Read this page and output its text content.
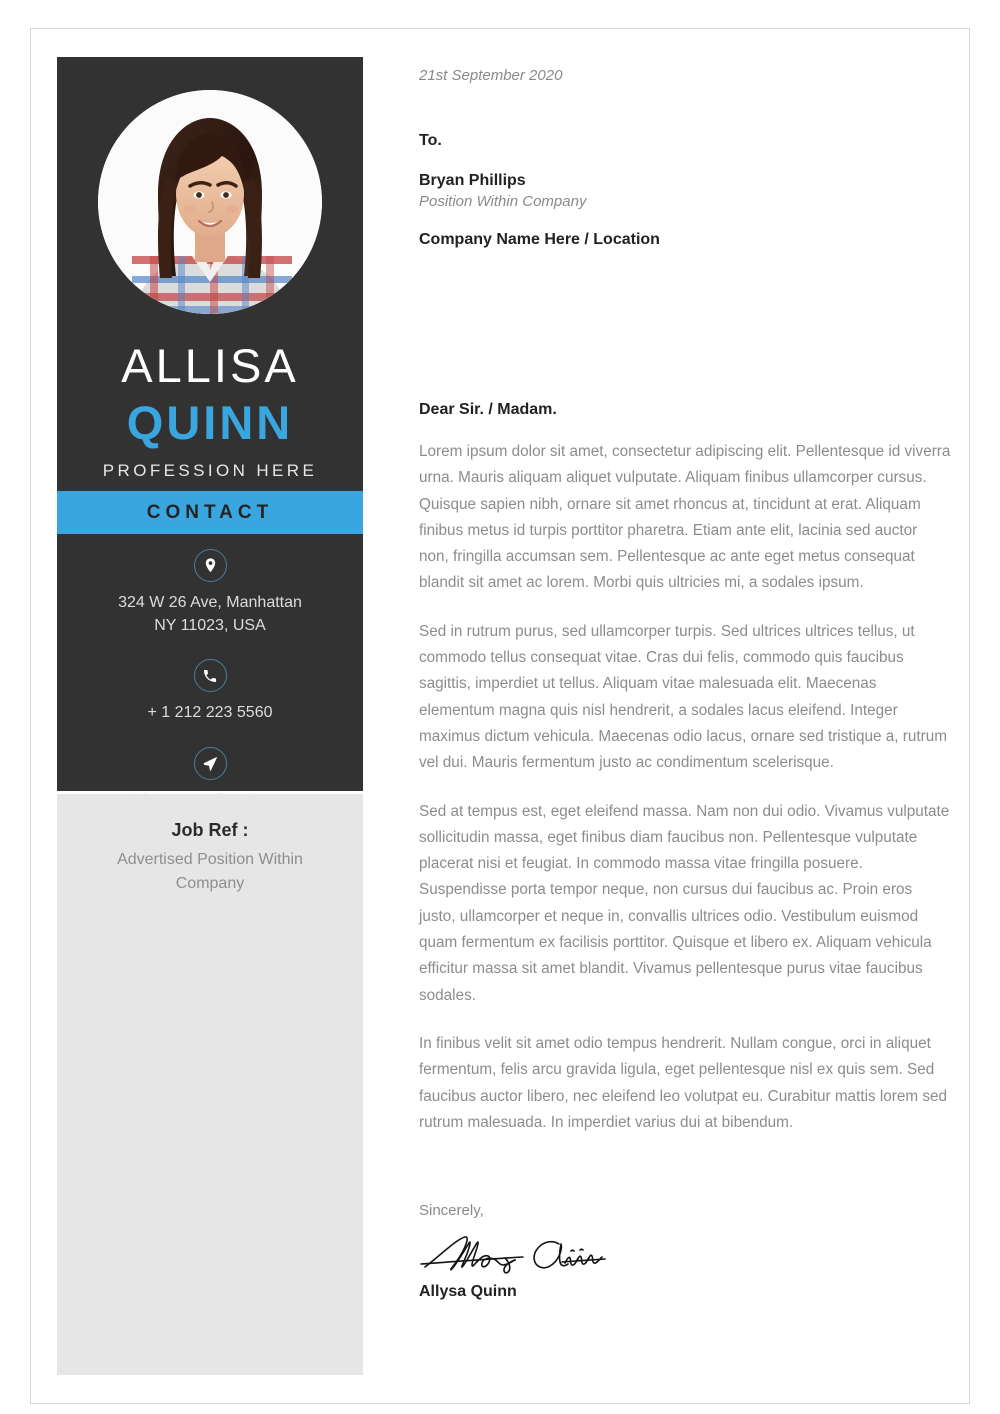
ALLISA
QUINN
PROFESSION HERE
CONTACT
324 W 26 Ave, Manhattan
NY 11023, USA
+ 1 212 223 5560
Job Ref :
Advertised Position Within Company
21st September 2020
To.
Bryan Phillips
Position Within Company
Company Name Here / Location
Dear Sir. / Madam.

Lorem ipsum dolor sit amet, consectetur adipiscing elit. Pellentesque id viverra urna. Mauris aliquam aliquet vulputate. Aliquam finibus ullamcorper cursus. Quisque sapien nibh, ornare sit amet rhoncus at, tincidunt at erat. Aliquam finibus metus id turpis porttitor pharetra. Etiam ante elit, lacinia sed auctor non, fringilla accumsan sem. Pellentesque ac ante eget metus consequat blandit sit amet ac lorem. Morbi quis ultricies mi, a sodales ipsum.

Sed in rutrum purus, sed ullamcorper turpis. Sed ultrices ultrices tellus, ut commodo tellus consequat vitae. Cras dui felis, commodo quis faucibus sagittis, imperdiet ut tellus. Aliquam vitae malesuada elit. Maecenas elementum magna quis nisl hendrerit, a sodales lacus eleifend. Integer maximus dictum vehicula. Maecenas odio lacus, ornare sed tristique a, rutrum vel dui. Mauris fermentum justo ac condimentum scelerisque.

Sed at tempus est, eget eleifend massa. Nam non dui odio. Vivamus vulputate sollicitudin massa, eget finibus diam faucibus non. Pellentesque vulputate placerat nisi et feugiat. In commodo massa vitae fringilla posuere. Suspendisse porta tempor neque, non cursus dui faucibus ac. Proin eros justo, ullamcorper et neque in, convallis ultrices odio. Vestibulum euismod quam fermentum ex facilisis porttitor. Quisque et libero ex. Aliquam vehicula efficitur massa sit amet blandit. Vivamus pellentesque purus vitae faucibus sodales.

In finibus velit sit amet odio tempus hendrerit. Nullam congue, orci in aliquet fermentum, felis arcu gravida ligula, eget pellentesque nisl ex quis sem. Sed faucibus auctor libero, nec eleifend leo volutpat eu. Curabitur mattis lorem sed rutrum malesuada. In imperdiet varius dui at bibendum.

Sincerely,
Allysa Quinn
